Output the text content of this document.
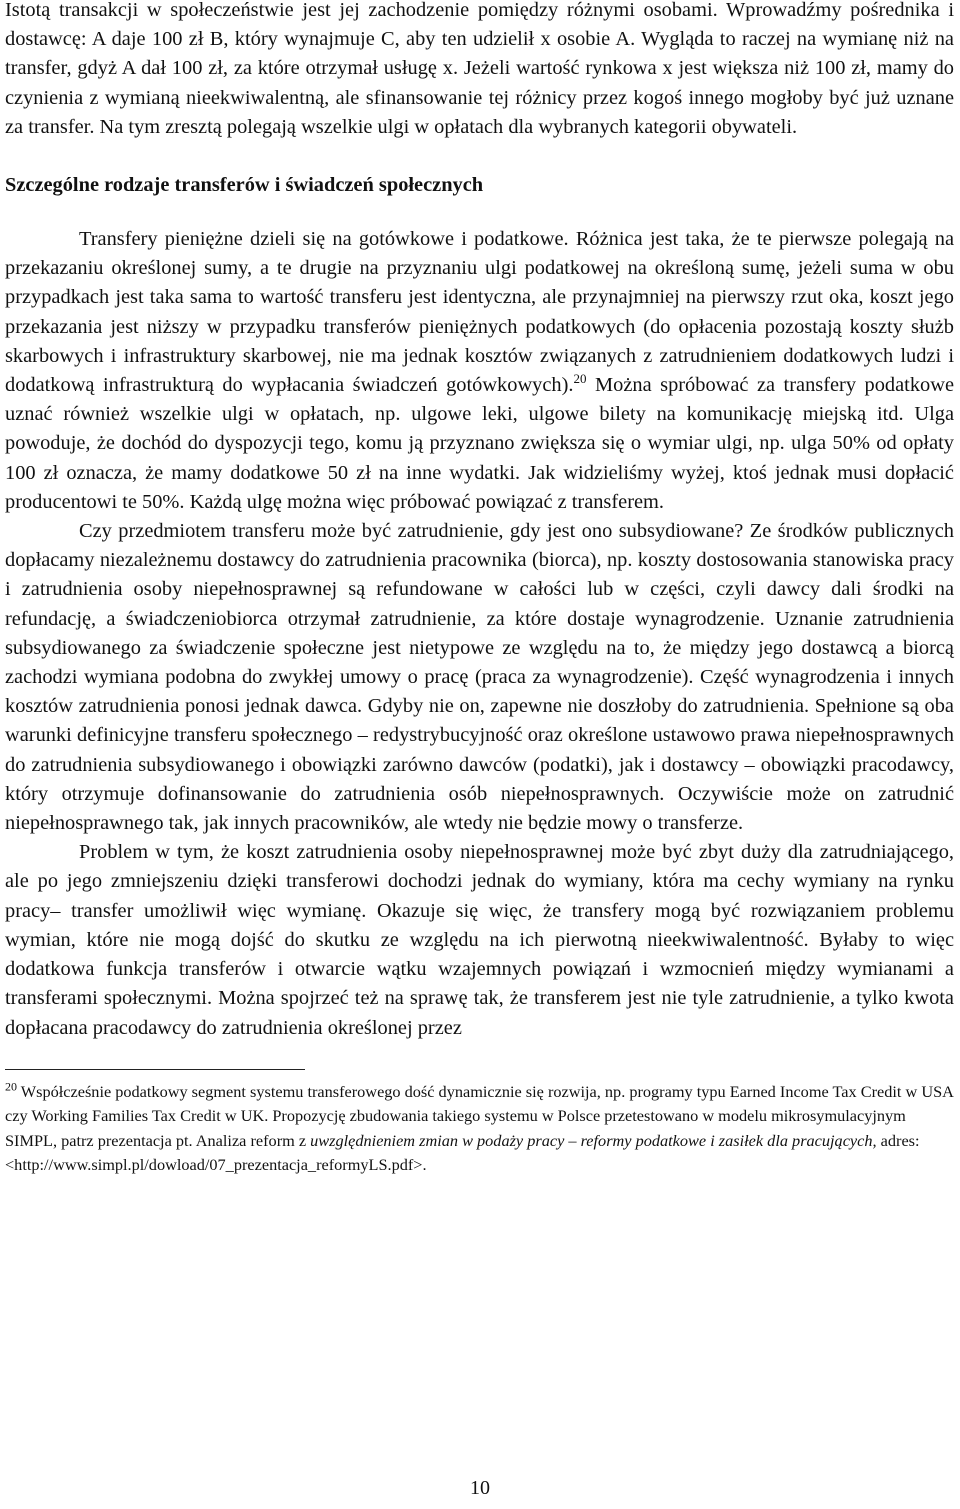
Istotą transakcji w społeczeństwie jest jej zachodzenie pomiędzy różnymi osobami. Wprowadźmy pośrednika i dostawcę: A daje 100 zł B, który wynajmuje C, aby ten udzielił x osobie A. Wygląda to raczej na wymianę niż na transfer, gdyż A dał 100 zł, za które otrzymał usługę x. Jeżeli wartość rynkowa x jest większa niż 100 zł, mamy do czynienia z wymianą nieekwiwalentną, ale sfinansowanie tej różnicy przez kogoś innego mogłoby być już uznane za transfer. Na tym zresztą polegają wszelkie ulgi w opłatach dla wybranych kategorii obywateli.

Szczególne rodzaje transferów i świadczeń społecznych

Transfery pieniężne dzieli się na gotówkowe i podatkowe. Różnica jest taka, że te pierwsze polegają na przekazaniu określonej sumy, a te drugie na przyznaniu ulgi podatkowej na określoną sumę, jeżeli suma w obu przypadkach jest taka sama to wartość transferu jest identyczna, ale przynajmniej na pierwszy rzut oka, koszt jego przekazania jest niższy w przypadku transferów pieniężnych podatkowych (do opłacenia pozostają koszty służb skarbowych i infrastruktury skarbowej, nie ma jednak kosztów związanych z zatrudnieniem dodatkowych ludzi i dodatkową infrastrukturą do wypłacania świadczeń gotówkowych).$^{20}$ Można spróbować za transfery podatkowe uznać również wszelkie ulgi w opłatach, np. ulgowe leki, ulgowe bilety na komunikację miejską itd. Ulga powoduje, że dochód do dyspozycji tego, komu ją przyznano zwiększa się o wymiar ulgi, np. ulga 50% od opłaty 100 zł oznacza, że mamy dodatkowe 50 zł na inne wydatki. Jak widzieliśmy wyżej, ktoś jednak musi dopłacić producentowi te 50%. Każdą ulgę można więc próbować powiązać z transferem.

Czy przedmiotem transferu może być zatrudnienie, gdy jest ono subsydiowane? Ze środków publicznych dopłacamy niezależnemu dostawcy do zatrudnienia pracownika (biorca), np. koszty dostosowania stanowiska pracy i zatrudnienia osoby niepełnosprawnej są refundowane w całości lub w części, czyli dawcy dali środki na refundację, a świadczeniobiorca otrzymał zatrudnienie, za które dostaje wynagrodzenie. Uznanie zatrudnienia subsydiowanego za świadczenie społeczne jest nietypowe ze względu na to, że między jego dostawcą a biorcą zachodzi wymiana podobna do zwykłej umowy o pracę (praca za wynagrodzenie). Część wynagrodzenia i innych kosztów zatrudnienia ponosi jednak dawca. Gdyby nie on, zapewne nie doszłoby do zatrudnienia. Spełnione są oba warunki definicyjne transferu społecznego – redystrybucyjność oraz określone ustawowo prawa niepełnosprawnych do zatrudnienia subsydiowanego i obowiązki zarówno dawców (podatki), jak i dostawcy – obowiązki pracodawcy, który otrzymuje dofinansowanie do zatrudnienia osób niepełnosprawnych. Oczywiście może on zatrudnić niepełnosprawnego tak, jak innych pracowników, ale wtedy nie będzie mowy o transferze.

Problem w tym, że koszt zatrudnienia osoby niepełnosprawnej może być zbyt duży dla zatrudniającego, ale po jego zmniejszeniu dzięki transferowi dochodzi jednak do wymiany, która ma cechy wymiany na rynku pracy– transfer umożliwił więc wymianę. Okazuje się więc, że transfery mogą być rozwiązaniem problemu wymian, które nie mogą dojść do skutku ze względu na ich pierwotną nieekwiwalentność. Byłaby to więc dodatkowa funkcja transferów i otwarcie wątku wzajemnych powiązań i wzmocnień między wymianami a transferami społecznymi. Można spojrzeć też na sprawę tak, że transferem jest nie tyle zatrudnienie, a tylko kwota dopłacana pracodawcy do zatrudnienia określonej przez

$^{20}$ Współcześnie podatkowy segment systemu transferowego dość dynamicznie się rozwija, np. programy typu Earned Income Tax Credit w USA czy Working Families Tax Credit w UK. Propozycję zbudowania takiego systemu w Polsce przetestowano w modelu mikrosymulacyjnym SIMPL, patrz prezentacja pt. Analiza reform z uwzględnieniem zmian w podaży pracy – reformy podatkowe i zasiłek dla pracujących, adres: <http://www.simpl.pl/dowload/07_prezentacja_reformyLS.pdf>.

10
